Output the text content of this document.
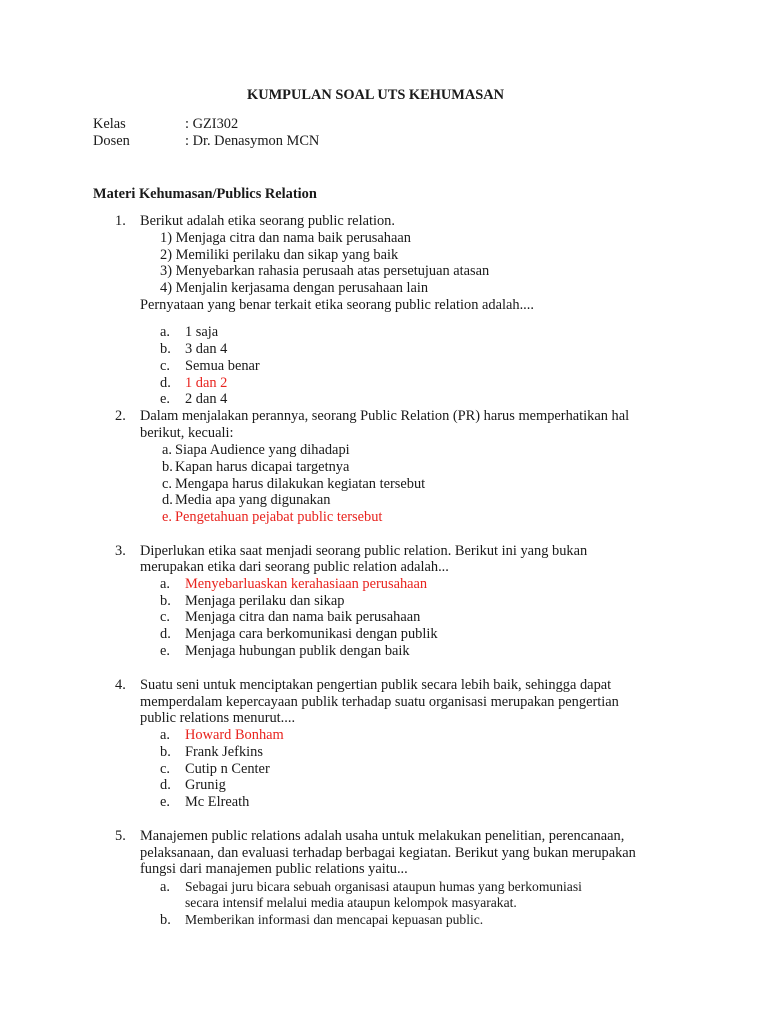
KUMPULAN SOAL UTS KEHUMASAN
Kelas	: GZI302
Dosen	: Dr. Denasymon MCN
Materi Kehumasan/Publics Relation
1. Berikut adalah etika seorang public relation.
1) Menjaga citra dan nama baik perusahaan
2) Memiliki perilaku dan sikap yang baik
3) Menyebarkan rahasia perusaah atas persetujuan atasan
4) Menjalin kerjasama dengan perusahaan lain
Pernyataan yang benar terkait etika seorang public relation adalah....
a. 1 saja
b. 3 dan 4
c. Semua benar
d. 1 dan 2
e. 2 dan 4
2. Dalam menjalakan perannya, seorang Public Relation (PR) harus memperhatikan hal
berikut, kecuali:
a. Siapa Audience yang dihadapi
b. Kapan harus dicapai targetnya
c. Mengapa harus dilakukan kegiatan tersebut
d. Media apa yang digunakan
e. Pengetahuan pejabat public tersebut
3. Diperlukan etika saat menjadi seorang public relation. Berikut ini yang bukan
merupakan etika dari seorang public relation adalah...
a. Menyebarluaskan kerahasiaan perusahaan
b. Menjaga perilaku dan sikap
c. Menjaga citra dan nama baik perusahaan
d. Menjaga cara berkomunikasi dengan publik
e. Menjaga hubungan publik dengan baik
4. Suatu seni untuk menciptakan pengertian publik secara lebih baik, sehingga dapat
memperdalam kepercayaan publik terhadap suatu organisasi merupakan pengertian
public relations menurut....
a. Howard Bonham
b. Frank Jefkins
c. Cutip n Center
d. Grunig
e. Mc Elreath
5. Manajemen public relations adalah usaha untuk melakukan penelitian, perencanaan,
pelaksanaan, dan evaluasi terhadap berbagai kegiatan. Berikut yang bukan merupakan
fungsi dari manajemen public relations yaitu...
a. Sebagai juru bicara sebuah organisasi ataupun humas yang berkomuniasi
secara intensif melalui media ataupun kelompok masyarakat.
b. Memberikan informasi dan mencapai kepuasan public.
